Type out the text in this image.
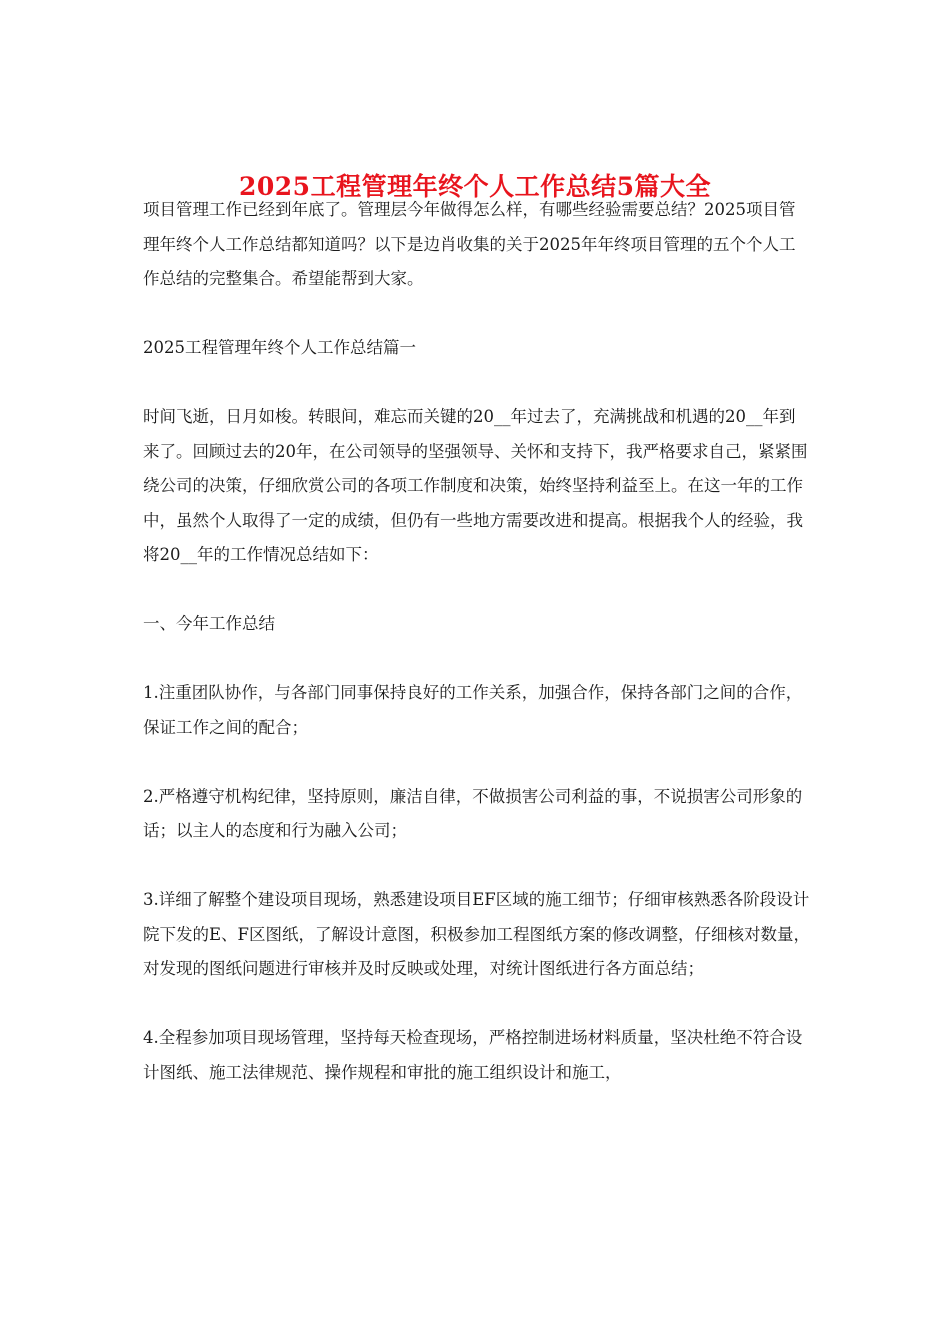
2025工程管理年终个人工作总结5篇大全

项目管理工作已经到年底了。管理层今年做得怎么样，有哪些经验需要总结？2025项目管理年终个人工作总结都知道吗？以下是边肖收集的关于2025年年终项目管理的五个个人工作总结的完整集合。希望能帮到大家。

2025工程管理年终个人工作总结篇一

时间飞逝，日月如梭。转眼间，难忘而关键的20__年过去了，充满挑战和机遇的20__年到来了。回顾过去的20年，在公司领导的坚强领导、关怀和支持下，我严格要求自己，紧紧围绕公司的决策，仔细欣赏公司的各项工作制度和决策，始终坚持利益至上。在这一年的工作中，虽然个人取得了一定的成绩，但仍有一些地方需要改进和提高。根据我个人的经验，我将20__年的工作情况总结如下：

一、今年工作总结

1.注重团队协作，与各部门同事保持良好的工作关系，加强合作，保持各部门之间的合作，保证工作之间的配合；

2.严格遵守机构纪律，坚持原则，廉洁自律，不做损害公司利益的事，不说损害公司形象的话；以主人的态度和行为融入公司；

3.详细了解整个建设项目现场，熟悉建设项目EF区域的施工细节；仔细审核熟悉各阶段设计院下发的E、F区图纸，了解设计意图，积极参加工程图纸方案的修改调整，仔细核对数量，对发现的图纸问题进行审核并及时反映或处理，对统计图纸进行各方面总结；

4.全程参加项目现场管理，坚持每天检查现场，严格控制进场材料质量，坚决杜绝不符合设计图纸、施工法律规范、操作规程和审批的施工组织设计和施工，
